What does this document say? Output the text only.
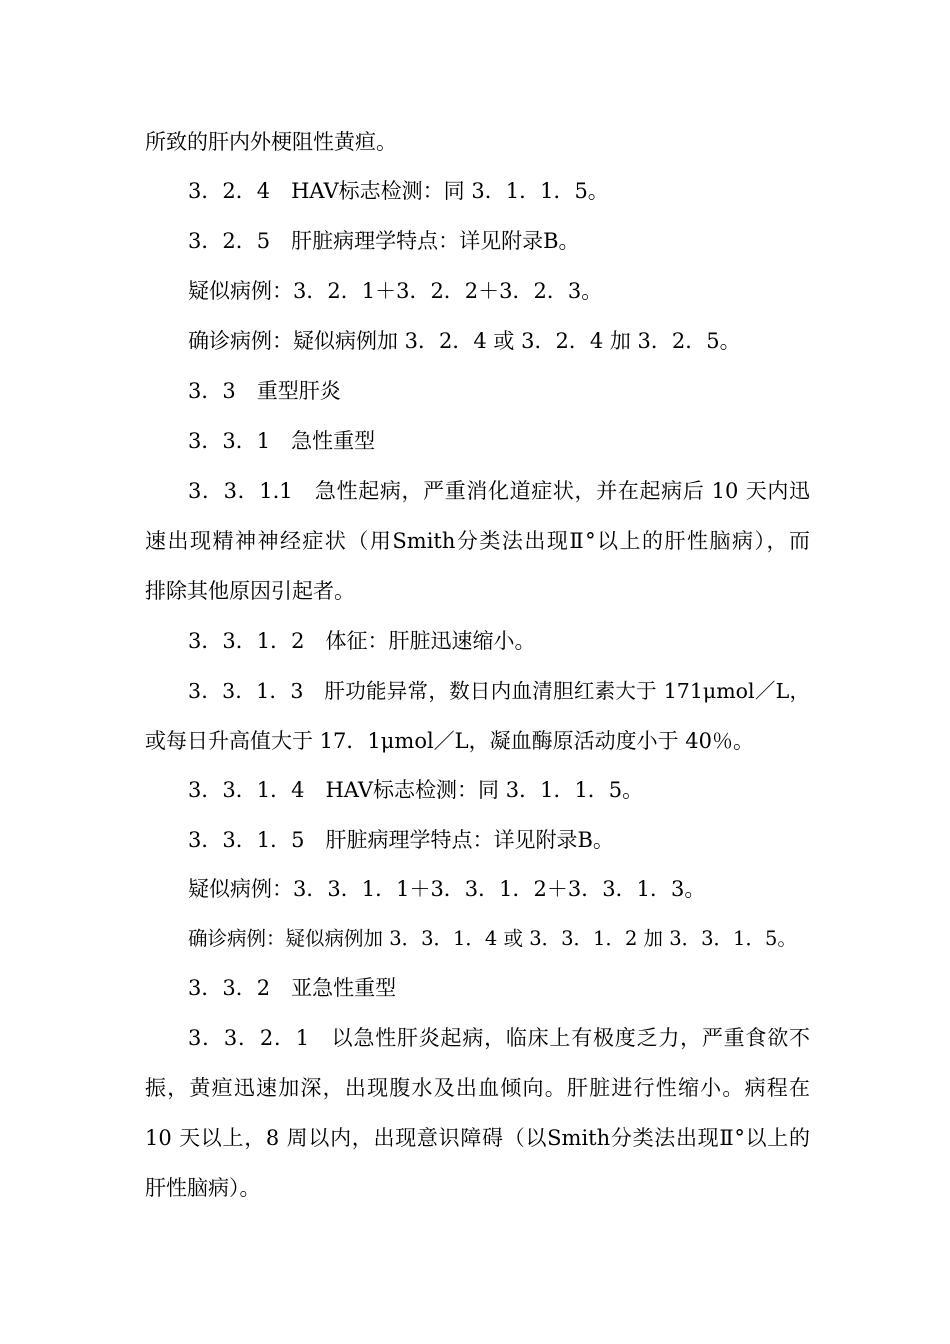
所致的肝内外梗阻性黄疸。
3．2．4　HAV标志检测：同 3．1．1．5。
3．2．5　肝脏病理学特点：详见附录B。
疑似病例：3．2．1＋3．2．2＋3．2．3。
确诊病例：疑似病例加 3．2．4 或 3．2．4 加 3．2．5。
3．3　重型肝炎
3．3．1　急性重型
3．3．1.1　急性起病，严重消化道症状，并在起病后 10 天内迅
速出现精神神经症状（用Smith分类法出现Ⅱ°以上的肝性脑病），而
排除其他原因引起者。
3．3．1．2　体征：肝脏迅速缩小。
3．3．1．3　肝功能异常，数日内血清胆红素大于 171μmol／L，
或每日升高值大于 17．1μmol／L，凝血酶原活动度小于 40％。
3．3．1．4　HAV标志检测：同 3．1．1．5。
3．3．1．5　肝脏病理学特点：详见附录B。
疑似病例：3．3．1．1＋3．3．1．2＋3．3．1．3。
确诊病例：疑似病例加 3．3．1．4 或 3．3．1．2 加 3．3．1．5。
3．3．2　亚急性重型
3．3．2．1　以急性肝炎起病，临床上有极度乏力，严重食欲不
振，黄疸迅速加深，出现腹水及出血倾向。肝脏进行性缩小。病程在
10 天以上，8 周以内，出现意识障碍（以Smith分类法出现Ⅱ°以上的
肝性脑病）。
